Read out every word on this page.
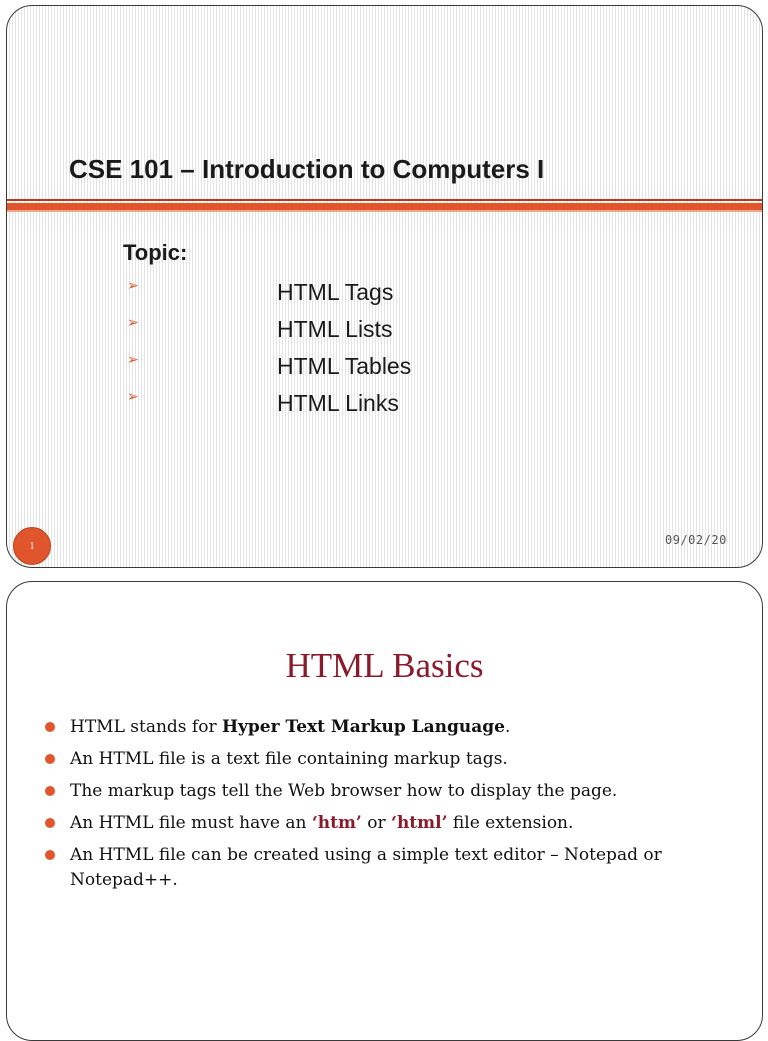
CSE 101 – Introduction to Computers I
Topic:
➢	HTML Tags
➢	HTML Lists
➢	HTML Tables
➢	HTML Links
1	09/02/20
HTML Basics
HTML stands for Hyper Text Markup Language.
An HTML file is a text file containing markup tags.
The markup tags tell the Web browser how to display the page.
An HTML file must have an ‘htm’ or ‘html’ file extension.
An HTML file can be created using a simple text editor – Notepad or Notepad++.
